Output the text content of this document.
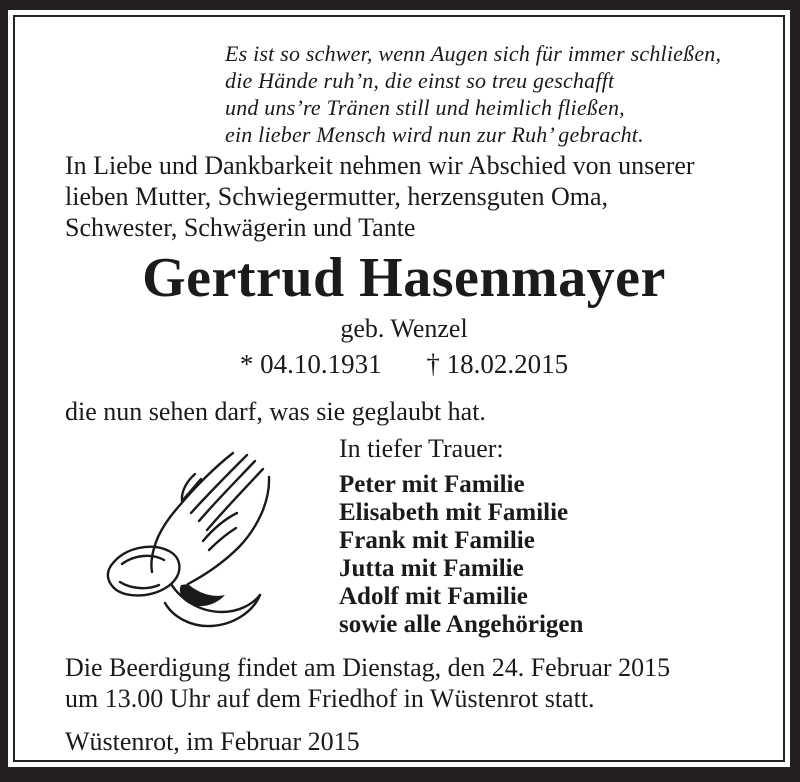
Es ist so schwer, wenn Augen sich für immer schließen,
die Hände ruh’n, die einst so treu geschafft
und uns’re Tränen still und heimlich fließen,
ein lieber Mensch wird nun zur Ruh’ gebracht.
In Liebe und Dankbarkeit nehmen wir Abschied von unserer
lieben Mutter, Schwiegermutter, herzensguten Oma,
Schwester, Schwägerin und Tante
Gertrud Hasenmayer
geb. Wenzel
* 04.10.1931 † 18.02.2015
die nun sehen darf, was sie geglaubt hat.
In tiefer Trauer:
Peter mit Familie
Elisabeth mit Familie
Frank mit Familie
Jutta mit Familie
Adolf mit Familie
sowie alle Angehörigen
Die Beerdigung findet am Dienstag, den 24. Februar 2015
um 13.00 Uhr auf dem Friedhof in Wüstenrot statt.
Wüstenrot, im Februar 2015
